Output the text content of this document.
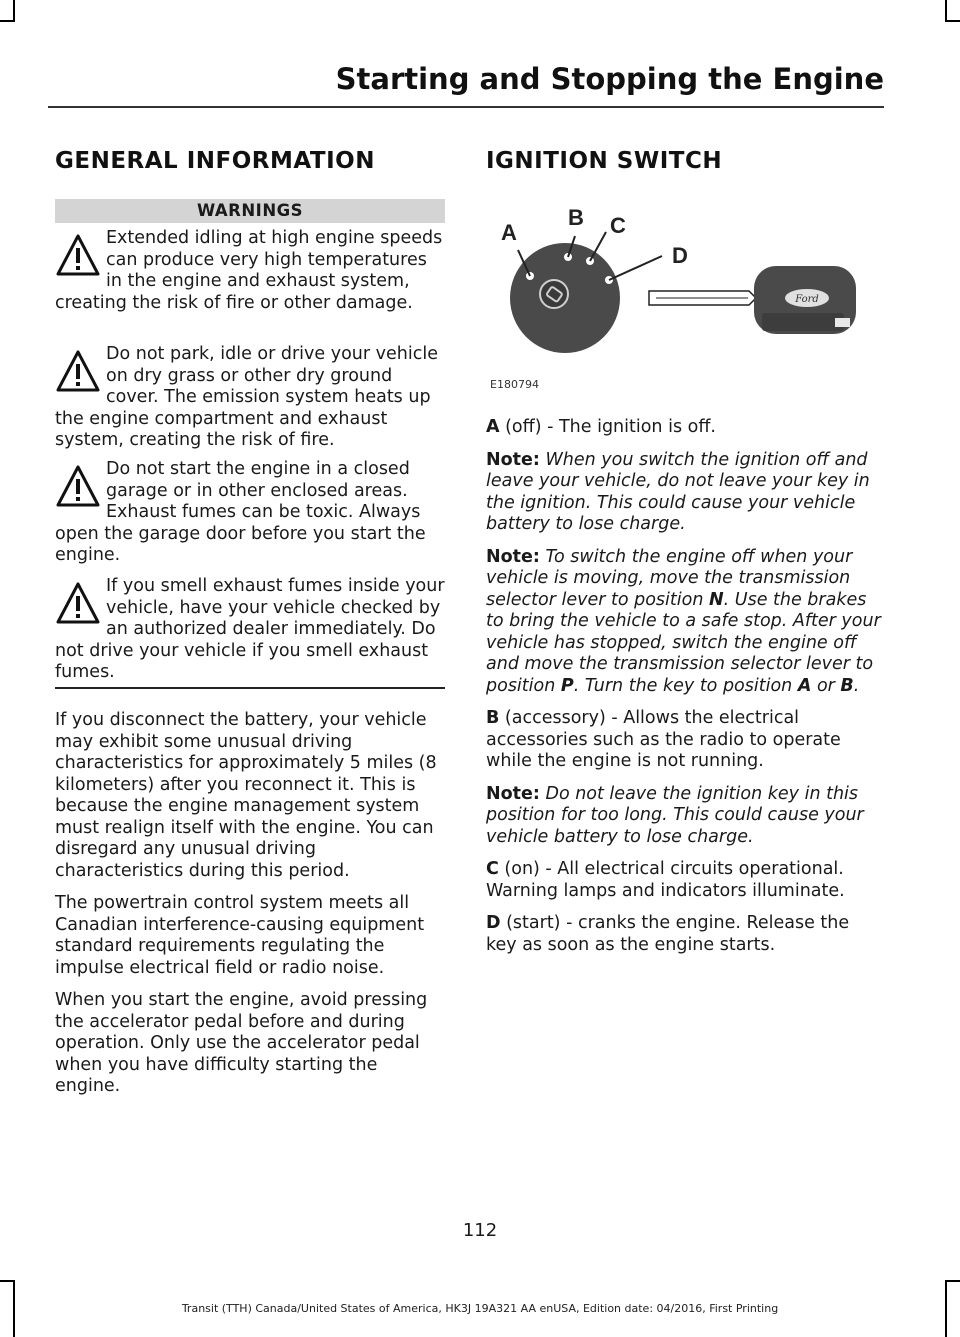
Starting and Stopping the Engine
GENERAL INFORMATION
WARNINGS
Extended idling at high engine speeds can produce very high temperatures in the engine and exhaust system, creating the risk of fire or other damage.
Do not park, idle or drive your vehicle on dry grass or other dry ground cover. The emission system heats up the engine compartment and exhaust system, creating the risk of fire.
Do not start the engine in a closed garage or in other enclosed areas. Exhaust fumes can be toxic. Always open the garage door before you start the engine.
If you smell exhaust fumes inside your vehicle, have your vehicle checked by an authorized dealer immediately. Do not drive your vehicle if you smell exhaust fumes.

If you disconnect the battery, your vehicle may exhibit some unusual driving characteristics for approximately 5 miles (8 kilometers) after you reconnect it. This is because the engine management system must realign itself with the engine. You can disregard any unusual driving characteristics during this period.

The powertrain control system meets all Canadian interference-causing equipment standard requirements regulating the impulse electrical field or radio noise.

When you start the engine, avoid pressing the accelerator pedal before and during operation. Only use the accelerator pedal when you have difficulty starting the engine.

IGNITION SWITCH
A
B C
D
Ford
E180794

A (off) - The ignition is off.

Note: When you switch the ignition off and leave your vehicle, do not leave your key in the ignition. This could cause your vehicle battery to lose charge.

Note: To switch the engine off when your vehicle is moving, move the transmission selector lever to position N. Use the brakes to bring the vehicle to a safe stop. After your vehicle has stopped, switch the engine off and move the transmission selector lever to position P. Turn the key to position A or B.

B (accessory) - Allows the electrical accessories such as the radio to operate while the engine is not running.

Note: Do not leave the ignition key in this position for too long. This could cause your vehicle battery to lose charge.

C (on) - All electrical circuits operational. Warning lamps and indicators illuminate.

D (start) - cranks the engine. Release the key as soon as the engine starts.

112
Transit (TTH) Canada/United States of America, HK3J 19A321 AA enUSA, Edition date: 04/2016, First Printing
